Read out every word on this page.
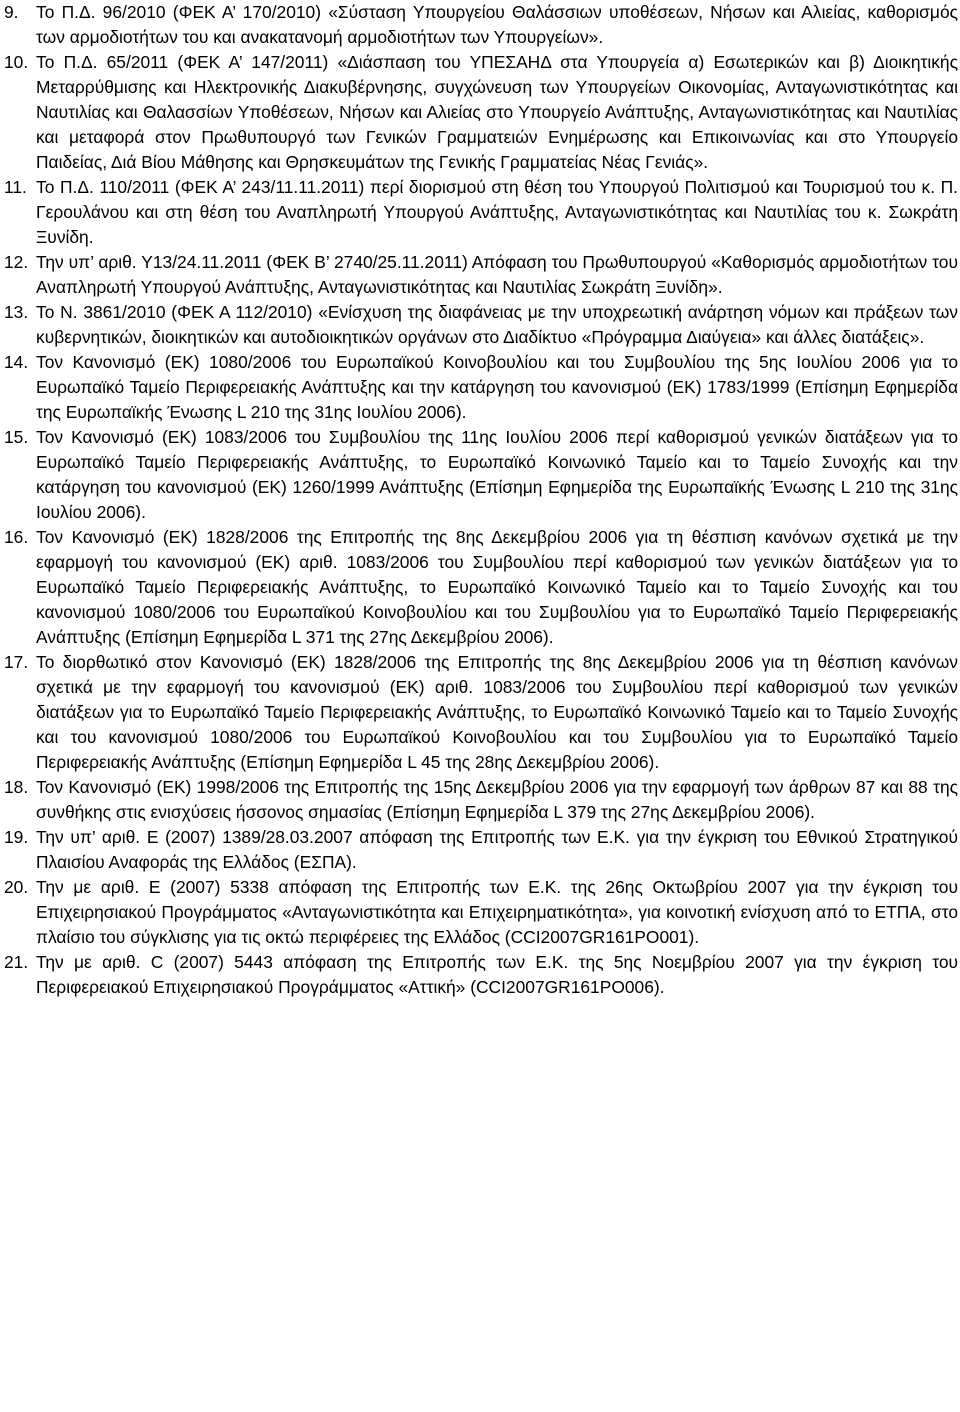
9. Το Π.Δ. 96/2010 (ΦΕΚ Α’ 170/2010) «Σύσταση Υπουργείου Θαλάσσιων υποθέσεων, Νήσων και Αλιείας, καθορισμός των αρμοδιοτήτων του και ανακατανομή αρμοδιοτήτων των Υπουργείων».
10. Το Π.Δ. 65/2011 (ΦΕΚ Α’ 147/2011) «Διάσπαση του ΥΠΕΣΑΗΔ στα Υπουργεία α) Εσωτερικών και β) Διοικητικής Μεταρρύθμισης και Ηλεκτρονικής Διακυβέρνησης, συγχώνευση των Υπουργείων Οικονομίας, Ανταγωνιστικότητας και Ναυτιλίας και Θαλασσίων Υποθέσεων, Νήσων και Αλιείας στο Υπουργείο Ανάπτυξης, Ανταγωνιστικότητας και Ναυτιλίας και μεταφορά στον Πρωθυπουργό των Γενικών Γραμματειών Ενημέρωσης και Επικοινωνίας και στο Υπουργείο Παιδείας, Διά Βίου Μάθησης και Θρησκευμάτων της Γενικής Γραμματείας Νέας Γενιάς».
11. Το Π.Δ. 110/2011 (ΦΕΚ Α’ 243/11.11.2011) περί διορισμού στη θέση του Υπουργού Πολιτισμού και Τουρισμού του κ. Π. Γερουλάνου και στη θέση του Αναπληρωτή Υπουργού Ανάπτυξης, Ανταγωνιστικότητας και Ναυτιλίας του κ. Σωκράτη Ξυνίδη.
12. Την υπ’ αριθ. Υ13/24.11.2011 (ΦΕΚ Β’ 2740/25.11.2011) Απόφαση του Πρωθυπουργού «Καθορισμός αρμοδιοτήτων του Αναπληρωτή Υπουργού Ανάπτυξης, Ανταγωνιστικότητας και Ναυτιλίας Σωκράτη Ξυνίδη».
13. Το Ν. 3861/2010 (ΦΕΚ Α 112/2010) «Ενίσχυση της διαφάνειας με την υποχρεωτική ανάρτηση νόμων και πράξεων των κυβερνητικών, διοικητικών και αυτοδιοικητικών οργάνων στο Διαδίκτυο «Πρόγραμμα Διαύγεια» και άλλες διατάξεις».
14. Τον Κανονισμό (ΕΚ) 1080/2006 του Ευρωπαϊκού Κοινοβουλίου και του Συμβουλίου της 5ης Ιουλίου 2006 για το Ευρωπαϊκό Ταμείο Περιφερειακής Ανάπτυξης και την κατάργηση του κανονισμού (ΕΚ) 1783/1999 (Επίσημη Εφημερίδα της Ευρωπαϊκής Ένωσης L 210 της 31ης Ιουλίου 2006).
15. Τον Κανονισμό (ΕΚ) 1083/2006 του Συμβουλίου της 11ης Ιουλίου 2006 περί καθορισμού γενικών διατάξεων για το Ευρωπαϊκό Ταμείο Περιφερειακής Ανάπτυξης, το Ευρωπαϊκό Κοινωνικό Ταμείο και το Ταμείο Συνοχής και την κατάργηση του κανονισμού (ΕΚ) 1260/1999 Ανάπτυξης (Επίσημη Εφημερίδα της Ευρωπαϊκής Ένωσης L 210 της 31ης Ιουλίου 2006).
16. Τον Κανονισμό (ΕΚ) 1828/2006 της Επιτροπής της 8ης Δεκεμβρίου 2006 για τη θέσπιση κανόνων σχετικά με την εφαρμογή του κανονισμού (ΕΚ) αριθ. 1083/2006 του Συμβουλίου περί καθορισμού των γενικών διατάξεων για το Ευρωπαϊκό Ταμείο Περιφερειακής Ανάπτυξης, το Ευρωπαϊκό Κοινωνικό Ταμείο και το Ταμείο Συνοχής και του κανονισμού 1080/2006 του Ευρωπαϊκού Κοινοβουλίου και του Συμβουλίου για το Ευρωπαϊκό Ταμείο Περιφερειακής Ανάπτυξης (Επίσημη Εφημερίδα L 371 της 27ης Δεκεμβρίου 2006).
17. Το διορθωτικό στον Κανονισμό (ΕΚ) 1828/2006 της Επιτροπής της 8ης Δεκεμβρίου 2006 για τη θέσπιση κανόνων σχετικά με την εφαρμογή του κανονισμού (ΕΚ) αριθ. 1083/2006 του Συμβουλίου περί καθορισμού των γενικών διατάξεων για το Ευρωπαϊκό Ταμείο Περιφερειακής Ανάπτυξης, το Ευρωπαϊκό Κοινωνικό Ταμείο και το Ταμείο Συνοχής και του κανονισμού 1080/2006 του Ευρωπαϊκού Κοινοβουλίου και του Συμβουλίου για το Ευρωπαϊκό Ταμείο Περιφερειακής Ανάπτυξης (Επίσημη Εφημερίδα L 45 της 28ης Δεκεμβρίου 2006).
18. Τον Κανονισμό (ΕΚ) 1998/2006 της Επιτροπής της 15ης Δεκεμβρίου 2006 για την εφαρμογή των άρθρων 87 και 88 της συνθήκης στις ενισχύσεις ήσσονος σημασίας (Επίσημη Εφημερίδα L 379 της 27ης Δεκεμβρίου 2006).
19. Την υπ’ αριθ. Ε (2007) 1389/28.03.2007 απόφαση της Επιτροπής των Ε.Κ. για την έγκριση του Εθνικού Στρατηγικού Πλαισίου Αναφοράς της Ελλάδος (ΕΣΠΑ).
20. Την με αριθ. Ε (2007) 5338 απόφαση της Επιτροπής των Ε.Κ. της 26ης Οκτωβρίου 2007 για την έγκριση του Επιχειρησιακού Προγράμματος «Ανταγωνιστικότητα και Επιχειρηματικότητα», για κοινοτική ενίσχυση από το ΕΤΠΑ, στο πλαίσιο του σύγκλισης για τις οκτώ περιφέρειες της Ελλάδος (CCI2007GR161PO001).
21. Την με αριθ. C (2007) 5443 απόφαση της Επιτροπής των Ε.Κ. της 5ης Νοεμβρίου 2007 για την έγκριση του Περιφερειακού Επιχειρησιακού Προγράμματος «Αττική» (CCI2007GR161PO006).
